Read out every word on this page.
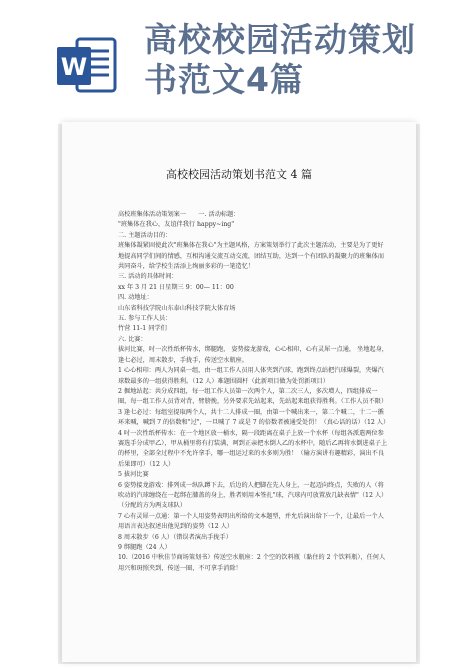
W
高校校园活动策划
书范文4篇
高校校园活动策划书范文 4 篇

高校班集体活动策划案一　　一. 活动标题：

"班集体在我心，友谊伴我行 happy~ing"

二. 主题活动目的：

班集体凝紧固使此次"班集体在我心"为主题风格，方案策划举行了此次主题活动，主要是为了更好地提高同学们间的情感，互相沟通交流互动交流，团结互助，达到一个有团队的凝聚力的班集体而共同奋斗，给学校生活添上绚丽多彩的一笔造忆！

三. 活动的具体时间：

xx 年 3 月 21 日星期三 9：00— 11：00

四. 动地址：

山东省科技学院山东泰山科技学院大体育场

五. 参与工作人员：

竹营 11-1 同学们

六. 比赛：

拔河比赛，吋一次性纸杯传水，绑腿跑， 姿势接龙游戏，心心相印，心有灵犀一点通， 坐地起身，逢七必过，周末散步，手拢手，传送空水瓶座。

1 心心相印：两人为同桌一组，由一组工作人员用人体夹到汽球，跑到终点站把汽球爆裂，夹爆汽球数最多的一组获得胜利。（12 人）难题围圆杆（此新项目做为处罚新项目）

2 掘地站起：共分成四组，每一组工作人员第一次两个人，第二次三人，多次增人，四组排成一圈，每一组工作人员背对背，臂膀挽，另外要求先站起来，先站起来组获得胜利。（工作人员不限）

3 逢七必过：每组室提取两个人，共十二人排成一圈，由第一个喊出来一，第二个喊二，十二一循环来喊，喊到 7 的倍数和"过"，一旦喊了 7 或是 7 的倍数者被通受处罚！（真心话的话）（12 人）

4 吋一次性纸杯传水：在一个地区放一桶水，隔一段距离在桌子上放一个水杯（每组各派遣两位参赛选手分成甲乙），甲从桶里将有打装满，呵到正亲把水倒人乙的水杯中，随后乙再将水倒进桌子上的杯里，全部全过程中不允许拿手，哪一组运过来的水多则为胜！（输方演讲有趣精彩，演出不良后果即可）（12 人）

5 拔河比赛

6 姿势接龙游戏：排列成一纵队蹲下去，后边的人把脚在先人身上，一起迈向终点，失败的人（将吹动的汽球缠绕在一起绑在膝盖的身上，胜者则用本签扎"球，汽球内可放置放几缺表情"（12 人）（分配的方为两支球队）

7 心有灵犀一点通：第一个人用姿势表明出所给的文本题型，并允后演出给下一个，让最后一个人用语言表达叙述出他见到的姿势（12 人）

8 周末散步（6 人）（错误者演出手拢手）

9 绑腿跑（24 人）

10.（2016 中秋佳节商场策划书）传送空水瓶座：2 个空的饮料瓶（黏住的 2 个饮料瓶），任何人用兴和斑照夹到，传送一圈，不可拿手消除！
